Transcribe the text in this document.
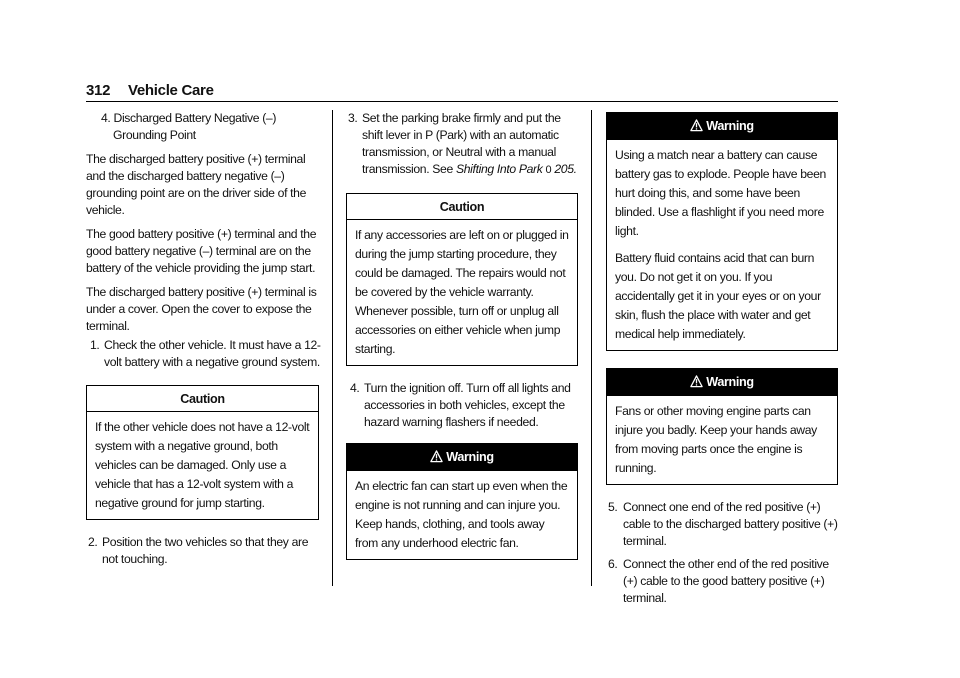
312 Vehicle Care

4. Discharged Battery Negative (–) Grounding Point

The discharged battery positive (+) terminal and the discharged battery negative (–) grounding point are on the driver side of the vehicle.

The good battery positive (+) terminal and the good battery negative (–) terminal are on the battery of the vehicle providing the jump start.

The discharged battery positive (+) terminal is under a cover. Open the cover to expose the terminal.

1. Check the other vehicle. It must have a 12-volt battery with a negative ground system.
Caution

If the other vehicle does not have a 12-volt system with a negative ground, both vehicles can be damaged. Only use a vehicle that has a 12-volt system with a negative ground for jump starting.

2. Position the two vehicles so that they are not touching.
3. Set the parking brake firmly and put the shift lever in P (Park) with an automatic transmission, or Neutral with a manual transmission. See Shifting Into Park 0 205.
Caution

If any accessories are left on or plugged in during the jump starting procedure, they could be damaged. The repairs would not be covered by the vehicle warranty. Whenever possible, turn off or unplug all accessories on either vehicle when jump starting.

4. Turn the ignition off. Turn off all lights and accessories in both vehicles, except the hazard warning flashers if needed.
Warning

An electric fan can start up even when the engine is not running and can injure you. Keep hands, clothing, and tools away from any underhood electric fan.

Warning

Using a match near a battery can cause battery gas to explode. People have been hurt doing this, and some have been blinded. Use a flashlight if you need more light.

Battery fluid contains acid that can burn you. Do not get it on you. If you accidentally get it in your eyes or on your skin, flush the place with water and get medical help immediately.

Warning

Fans or other moving engine parts can injure you badly. Keep your hands away from moving parts once the engine is running.

5. Connect one end of the red positive (+) cable to the discharged battery positive (+) terminal.
6. Connect the other end of the red positive (+) cable to the good battery positive (+) terminal.
